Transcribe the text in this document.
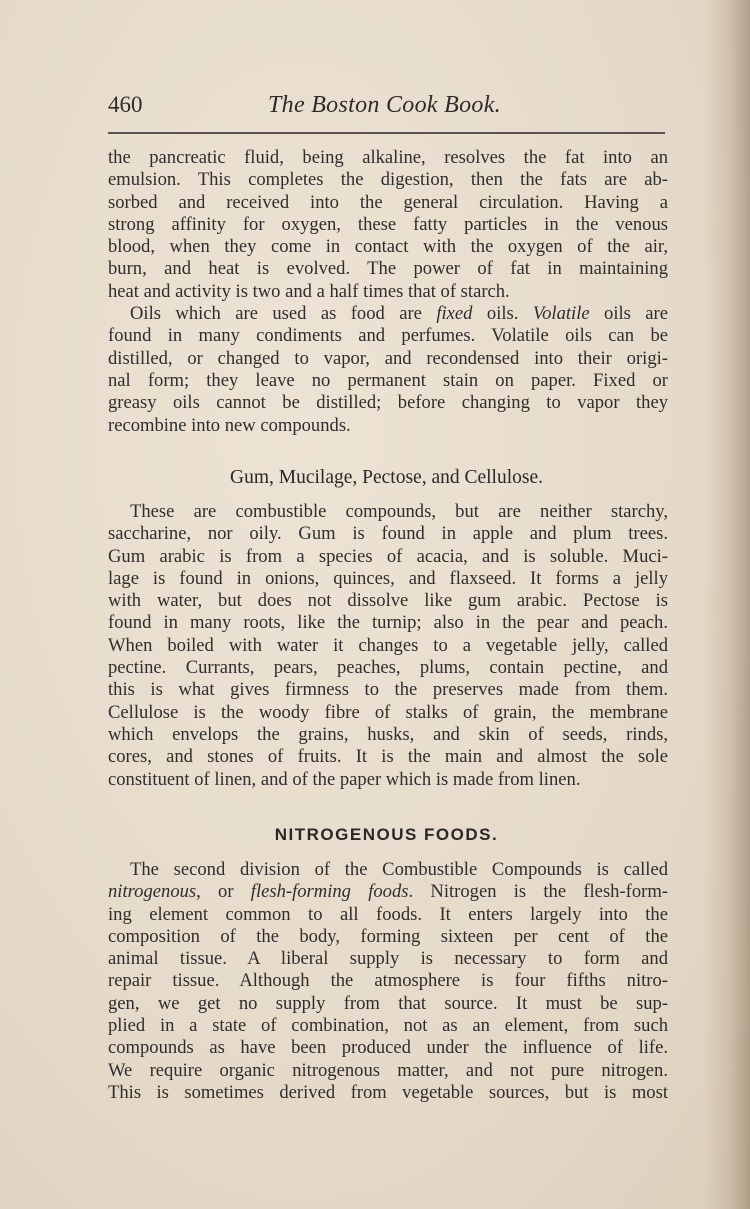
460	The Boston Cook Book.
the pancreatic fluid, being alkaline, resolves the fat into an
emulsion. This completes the digestion, then the fats are ab-
sorbed and received into the general circulation. Having a
strong affinity for oxygen, these fatty particles in the venous
blood, when they come in contact with the oxygen of the air,
burn, and heat is evolved. The power of fat in maintaining
heat and activity is two and a half times that of starch.
Oils which are used as food are fixed oils. Volatile oils are
found in many condiments and perfumes. Volatile oils can be
distilled, or changed to vapor, and recondensed into their origi-
nal form; they leave no permanent stain on paper. Fixed or
greasy oils cannot be distilled; before changing to vapor they
recombine into new compounds.
Gum, Mucilage, Pectose, and Cellulose.
These are combustible compounds, but are neither starchy,
saccharine, nor oily. Gum is found in apple and plum trees.
Gum arabic is from a species of acacia, and is soluble. Muci-
lage is found in onions, quinces, and flaxseed. It forms a jelly
with water, but does not dissolve like gum arabic. Pectose is
found in many roots, like the turnip; also in the pear and peach.
When boiled with water it changes to a vegetable jelly, called
pectine. Currants, pears, peaches, plums, contain pectine, and
this is what gives firmness to the preserves made from them.
Cellulose is the woody fibre of stalks of grain, the membrane
which envelops the grains, husks, and skin of seeds, rinds,
cores, and stones of fruits. It is the main and almost the sole
constituent of linen, and of the paper which is made from linen.
NITROGENOUS FOODS.
The second division of the Combustible Compounds is called
nitrogenous, or flesh-forming foods. Nitrogen is the flesh-form-
ing element common to all foods. It enters largely into the
composition of the body, forming sixteen per cent of the
animal tissue. A liberal supply is necessary to form and
repair tissue. Although the atmosphere is four fifths nitro-
gen, we get no supply from that source. It must be sup-
plied in a state of combination, not as an element, from such
compounds as have been produced under the influence of life.
We require organic nitrogenous matter, and not pure nitrogen.
This is sometimes derived from vegetable sources, but is most
